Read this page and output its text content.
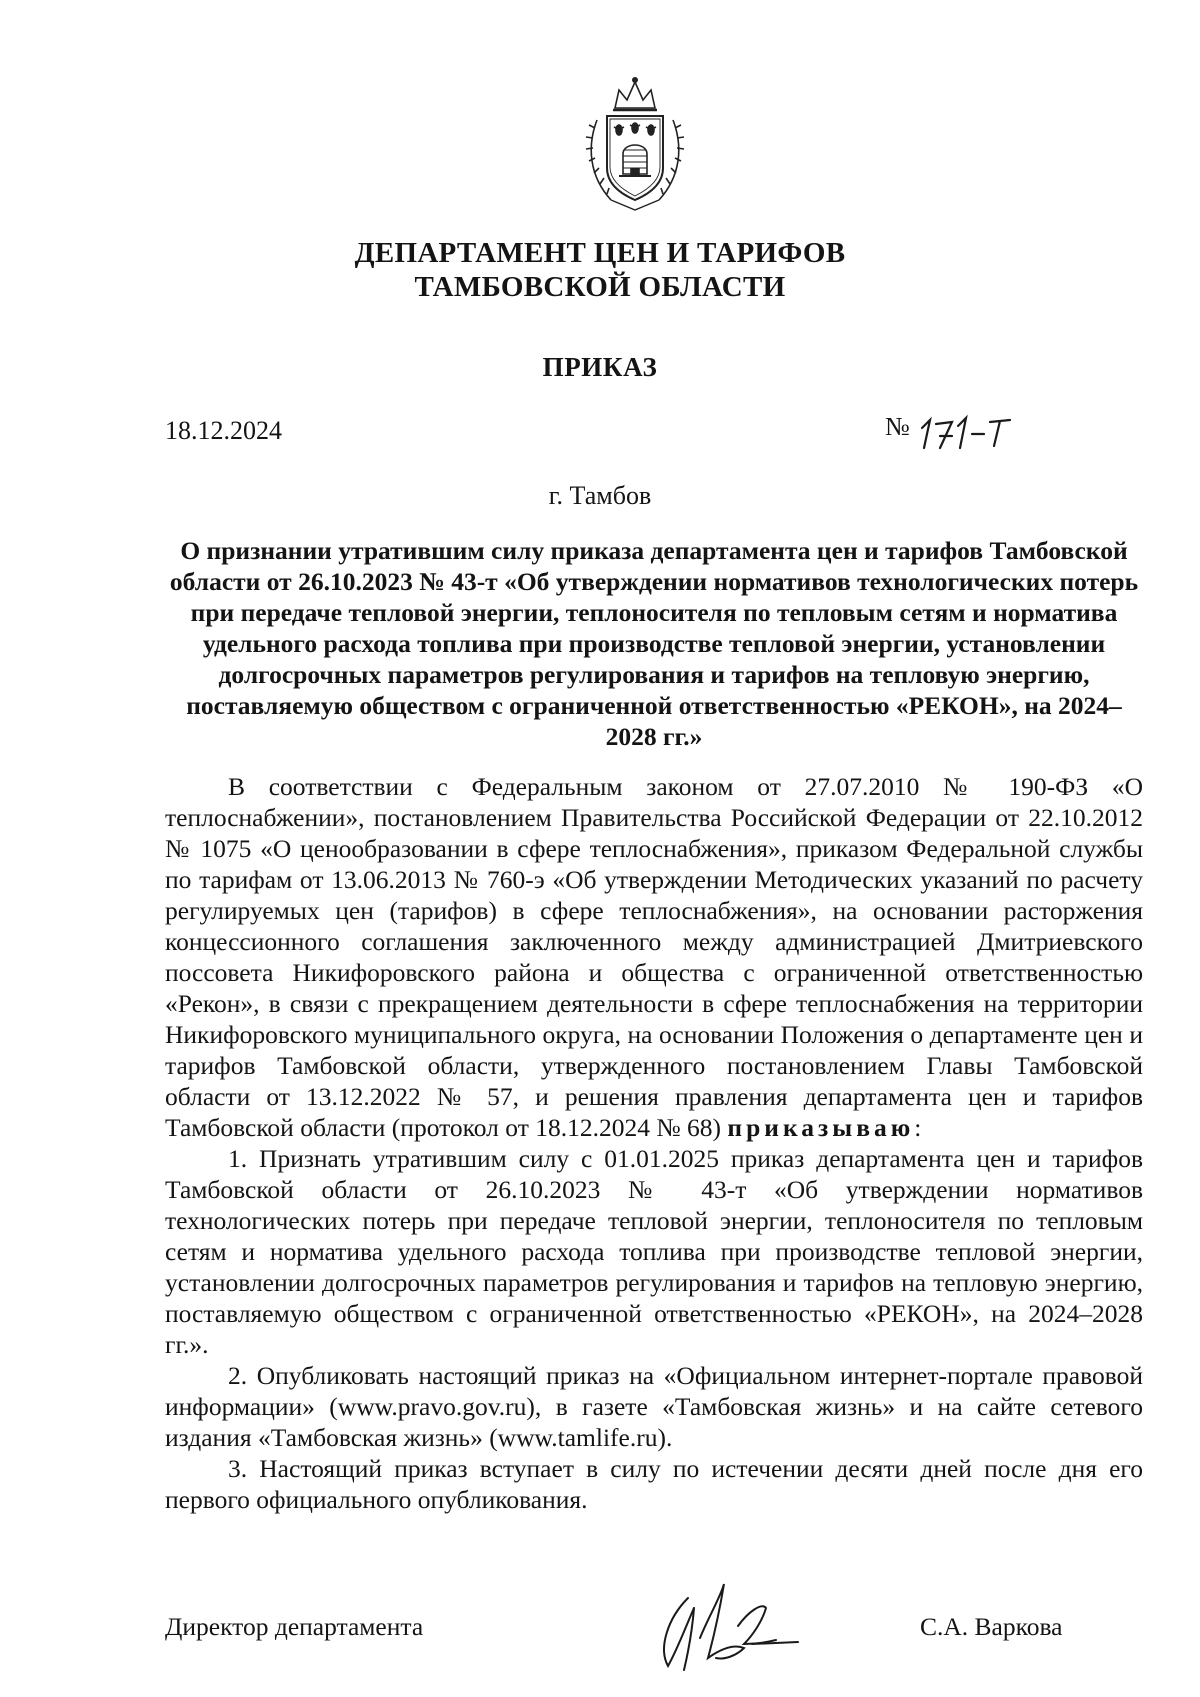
ДЕПАРТАМЕНТ ЦЕН И ТАРИФОВ
ТАМБОВСКОЙ ОБЛАСТИ
ПРИКАЗ
18.12.2024	№
г. Тамбов
О признании утратившим силу приказа департамента цен и тарифов Тамбовской области от 26.10.2023 № 43-т «Об утверждении нормативов технологических потерь при передаче тепловой энергии, теплоносителя по тепловым сетям и норматива удельного расхода топлива при производстве тепловой энергии, установлении долгосрочных параметров регулирования и тарифов на тепловую энергию, поставляемую обществом с ограниченной ответственностью «РЕКОН», на 2024–2028 гг.»

В соответствии с Федеральным законом от 27.07.2010 № 190-ФЗ «О теплоснабжении», постановлением Правительства Российской Федерации от 22.10.2012 № 1075 «О ценообразовании в сфере теплоснабжения», приказом Федеральной службы по тарифам от 13.06.2013 № 760-э «Об утверждении Методических указаний по расчету регулируемых цен (тарифов) в сфере теплоснабжения», на основании расторжения концессионного соглашения заключенного между администрацией Дмитриевского поссовета Никифоровского района и общества с ограниченной ответственностью «Рекон», в связи с прекращением деятельности в сфере теплоснабжения на территории Никифоровского муниципального округа, на основании Положения о департаменте цен и тарифов Тамбовской области, утвержденного постановлением Главы Тамбовской области от 13.12.2022 № 57, и решения правления департамента цен и тарифов Тамбовской области (протокол от 18.12.2024 № 68) приказываю:

1. Признать утратившим силу с 01.01.2025 приказ департамента цен и тарифов Тамбовской области от 26.10.2023 № 43-т «Об утверждении нормативов технологических потерь при передаче тепловой энергии, теплоносителя по тепловым сетям и норматива удельного расхода топлива при производстве тепловой энергии, установлении долгосрочных параметров регулирования и тарифов на тепловую энергию, поставляемую обществом с ограниченной ответственностью «РЕКОН», на 2024–2028 гг.».

2. Опубликовать настоящий приказ на «Официальном интернет-портале правовой информации» (www.pravo.gov.ru), в газете «Тамбовская жизнь» и на сайте сетевого издания «Тамбовская жизнь» (www.tamlife.ru).

3. Настоящий приказ вступает в силу по истечении десяти дней после дня его первого официального опубликования.

Директор департамента	С.А. Варкова
